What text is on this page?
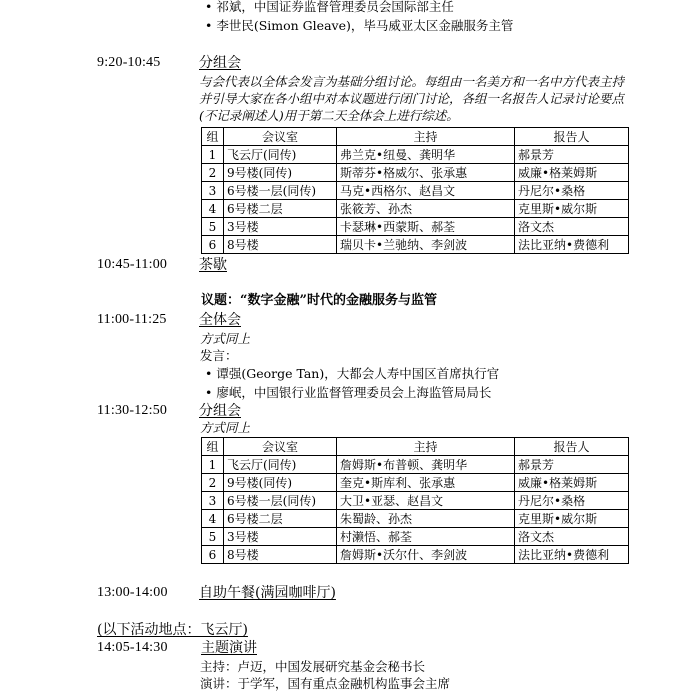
• 祁斌，中国证券监督管理委员会国际部主任
• 李世民(Simon Gleave)，毕马威亚太区金融服务主管
9:20-10:45	分组会
与会代表以全体会发言为基础分组讨论。每组由一名美方和一名中方代表主持并引导大家在各小组中对本议题进行闭门讨论，各组一名报告人记录讨论要点(不记录阐述人)用于第二天全体会上进行综述。
组	会议室	主持	报告人
1	飞云厅(同传)	弗兰克•纽曼、龚明华	郝景芳
2	9号楼(同传)	斯蒂芬•格威尔、张承惠	威廉•格莱姆斯
3	6号楼一层(同传)	马克•西格尔、赵昌文	丹尼尔•桑格
4	6号楼二层	张筱芳、孙杰	克里斯•威尔斯
5	3号楼	卡瑟琳•西蒙斯、郝荃	洛文杰
6	8号楼	瑞贝卡•兰驰纳、李剑波	法比亚纳•费德利
10:45-11:00 茶歇
议题：“数字金融”时代的金融服务与监管
11:00-11:25 全体会
方式同上
发言：
• 谭强(George Tan)，大都会人寿中国区首席执行官
• 廖岷，中国银行业监督管理委员会上海监管局局长
11:30-12:50 分组会
方式同上
组	会议室	主持	报告人
1	飞云厅(同传)	詹姆斯•布普顿、龚明华	郝景芳
2	9号楼(同传)	奎克•斯库利、张承惠	威廉•格莱姆斯
3	6号楼一层(同传)	大卫•亚瑟、赵昌文	丹尼尔•桑格
4	6号楼二层	朱蜀龄、孙杰	克里斯•威尔斯
5	3号楼	村濑悟、郝荃	洛文杰
6	8号楼	詹姆斯•沃尔什、李剑波	法比亚纳•费德利
13:00-14:00 自助午餐(满园咖啡厅)
(以下活动地点：飞云厅)
14:05-14:30 主题演讲
主持：卢迈，中国发展研究基金会秘书长
演讲：于学军，国有重点金融机构监事会主席
